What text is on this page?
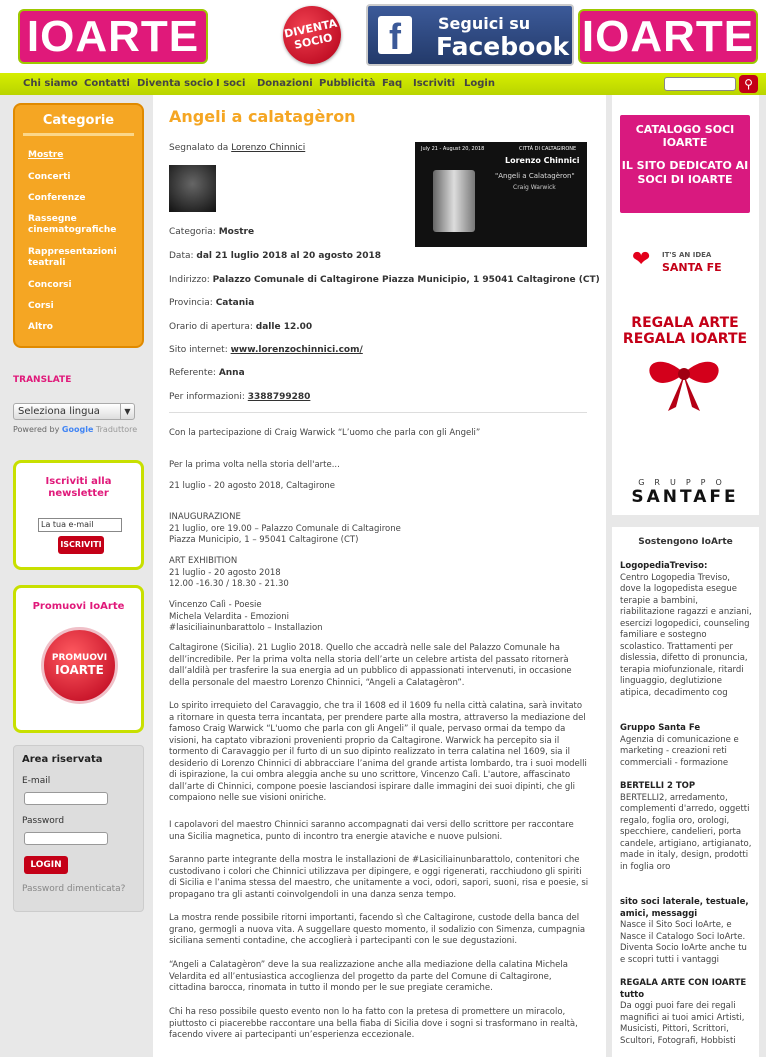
IOARTE	DIVENTA SOCIO	f	Seguici su
Facebook IOARTE
Chi siamo Contatti Diventa socio I soci Donazioni Pubblicità Faq Iscriviti Login	⚲
Categorie
Mostre
Concerti
Conferenze
Rassegne cinematografiche
Rappresentazioni teatrali
Concorsi
Corsi
Altro
TRANSLATE
Seleziona lingua	▼
Powered by Google Traduttore
Iscriviti alla newsletter
La tua e-mail
ISCRIVITI
Promuovi IoArte
PROMUOVI
IOARTE
Area riservata
E-mail
Password
LOGIN
Password dimenticata?
Angeli a calatagèron
Segnalato da Lorenzo Chinnici	July 21 - August 20, 2018	CITTÀ DI CALTAGIRONE
Lorenzo Chinnici
"Angeli a Calatagèron"
Craig Warwick
Categoria: Mostre
Data: dal 21 luglio 2018 al 20 agosto 2018
Indirizzo: Palazzo Comunale di Caltagirone Piazza Municipio, 1 95041 Caltagirone (CT)
Provincia: Catania
Orario di apertura: dalle 12.00
Sito internet: www.lorenzochinnici.com/
Referente: Anna
Per informazioni: 3388799280
Con la partecipazione di Craig Warwick “L’uomo che parla con gli Angeli”
Per la prima volta nella storia dell'arte...
21 luglio - 20 agosto 2018, Caltagirone
INAUGURAZIONE
21 luglio, ore 19.00 – Palazzo Comunale di Caltagirone
Piazza Municipio, 1 – 95041 Caltagirone (CT)
ART EXHIBITION
21 luglio - 20 agosto 2018
12.00 -16.30 / 18.30 - 21.30
Vincenzo Calì - Poesie
Michela Velardita - Emozioni
#lasiciliainunbarattolo – Installazion
Caltagirone (Sicilia). 21 Luglio 2018. Quello che accadrà nelle sale del Palazzo Comunale ha dell’incredibile. Per la prima volta nella storia dell’arte un celebre artista del passato ritornerà dall’aldilà per trasferire la sua energia ad un pubblico di appassionati intervenuti, in occasione della personale del maestro Lorenzo Chinnici, “Angeli a Calatagèron”.
Lo spirito irrequieto del Caravaggio, che tra il 1608 ed il 1609 fu nella città calatina, sarà invitato a ritornare in questa terra incantata, per prendere parte alla mostra, attraverso la mediazione del famoso Craig Warwick “L'uomo che parla con gli Angeli” il quale, pervaso ormai da tempo da visioni, ha captato vibrazioni provenienti proprio da Caltagirone. Warwick ha percepito sia il tormento di Caravaggio per il furto di un suo dipinto realizzato in terra calatina nel 1609, sia il desiderio di Lorenzo Chinnici di abbracciare l’anima del grande artista lombardo, tra i suoi modelli di ispirazione, la cui ombra aleggia anche su uno scrittore, Vincenzo Calì. L'autore, affascinato dall’arte di Chinnici, compone poesie lasciandosi ispirare dalle immagini dei suoi dipinti, che gli compaiono nelle sue visioni oniriche.
I capolavori del maestro Chinnici saranno accompagnati dai versi dello scrittore per raccontare una Sicilia magnetica, punto di incontro tra energie ataviche e nuove pulsioni.
Saranno parte integrante della mostra le installazioni de #Lasiciliainunbarattolo, contenitori che custodivano i colori che Chinnici utilizzava per dipingere, e oggi rigenerati, racchiudono gli spiriti di Sicilia e l’anima stessa del maestro, che unitamente a voci, odori, sapori, suoni, risa e poesie, si propagano tra gli astanti coinvolgendoli in una danza senza tempo.
La mostra rende possibile ritorni importanti, facendo sì che Caltagirone, custode della banca del grano, germogli a nuova vita. A suggellare questo momento, il sodalizio con Simenza, cumpagnia siciliana sementi contadine, che accoglierà i partecipanti con le sue degustazioni.
“Angeli a Calatagèron” deve la sua realizzazione anche alla mediazione della calatina Michela Velardita ed all’entusiastica accoglienza del progetto da parte del Comune di Caltagirone, cittadina barocca, rinomata in tutto il mondo per le sue pregiate ceramiche.
Chi ha reso possibile questo evento non lo ha fatto con la pretesa di promettere un miracolo, piuttosto ci piacerebbe raccontare una bella fiaba di Sicilia dove i sogni si trasformano in realtà, facendo vivere ai partecipanti un’esperienza eccezionale.
CATALOGO SOCI IOARTE
IL SITO DEDICATO AI SOCI DI IOARTE
❤ IT'S AN IDEA
SANTA FE
REGALA ARTE
REGALA IOARTE
GRUPPO
SANTAFE
Sostengono IoArte
LogopediaTreviso:
Centro Logopedia Treviso, dove la logopedista esegue terapie a bambini, riabilitazione ragazzi e anziani, esercizi logopedici, counseling familiare e sostegno scolastico. Trattamenti per dislessia, difetto di pronuncia, terapia miofunzionale, ritardi linguaggio, deglutizione atipica, decadimento cog
Gruppo Santa Fe
Agenzia di comunicazione e marketing - creazioni reti commerciali - formazione
BERTELLI 2 TOP
BERTELLI2, arredamento, complementi d'arredo, oggetti regalo, foglia oro, orologi, specchiere, candelieri, porta candele, artigiano, artigianato, made in italy, design, prodotti in foglia oro
sito soci laterale, testuale, amici, messaggi
Nasce il Sito Soci IoArte, e Nasce il Catalogo Soci IoArte. Diventa Socio IoArte anche tu e scopri tutti i vantaggi
REGALA ARTE CON IOARTE tutto
Da oggi puoi fare dei regali magnifici ai tuoi amici Artisti, Musicisti, Pittori, Scrittori, Scultori, Fotografi, Hobbisti
